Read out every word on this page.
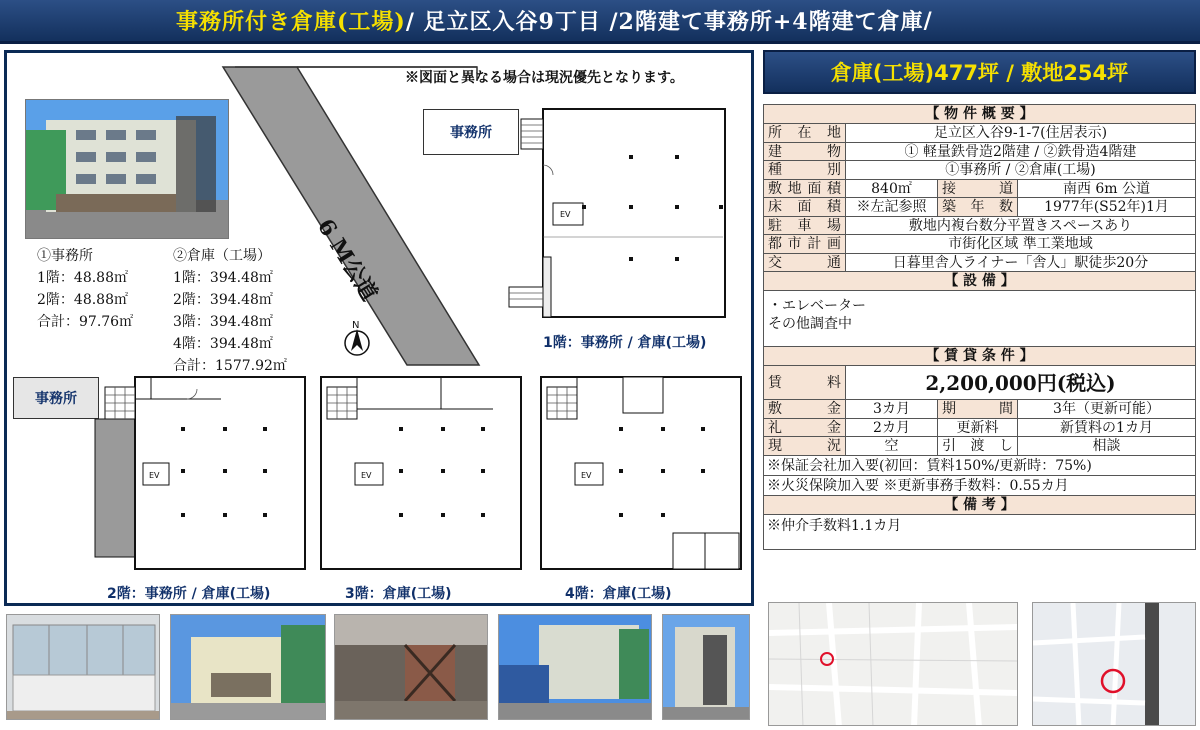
事務所付き倉庫(工場) / 足立区入谷9丁目 / 2階建て事務所+4階建て倉庫 /
※図面と異なる場合は現況優先となります。
①事務所
1階：48.88㎡
2階：48.88㎡
合計：97.76㎡
②倉庫（工場）
1階：394.48㎡
2階：394.48㎡
3階：394.48㎡
4階：394.48㎡
合計：1577.92㎡
6 M公道
N
事務所
EV
1階：事務所 / 倉庫(工場)
事務所
EV
2階：事務所 / 倉庫(工場)
EV
3階：倉庫(工場)
EV
4階：倉庫(工場)
倉庫(工場)477坪 / 敷地254坪
【 物 件 概 要 】
所 在 地	足立区入谷9-1-7(住居表示)
建 物	① 軽量鉄骨造2階建 / ②鉄骨造4階建
種 別	①事務所 / ②倉庫(工場)
敷地面積	840㎡	接 道	南西 6m 公道
床 面 積	※左記参照	築 年 数	1977年(S52年)1月
駐 車 場	敷地内複台数分平置きスペースあり
都市計画	市街化区域 準工業地域
交 通	日暮里舎人ライナー「舎人」駅徒歩20分
【 設 備 】
・エレベーター
その他調査中
【 賃 貸 条 件 】
賃 料	2,200,000円(税込)
敷 金	3カ月	期 間	3年（更新可能）
礼 金	2カ月	更新料	新賃料の1カ月
現 況	空	引 渡 し	相談
※保証会社加入要(初回：賃料150%/更新時：75%)
※火災保険加入要 ※更新事務手数料：0.55カ月
【 備 考 】
※仲介手数料1.1カ月
